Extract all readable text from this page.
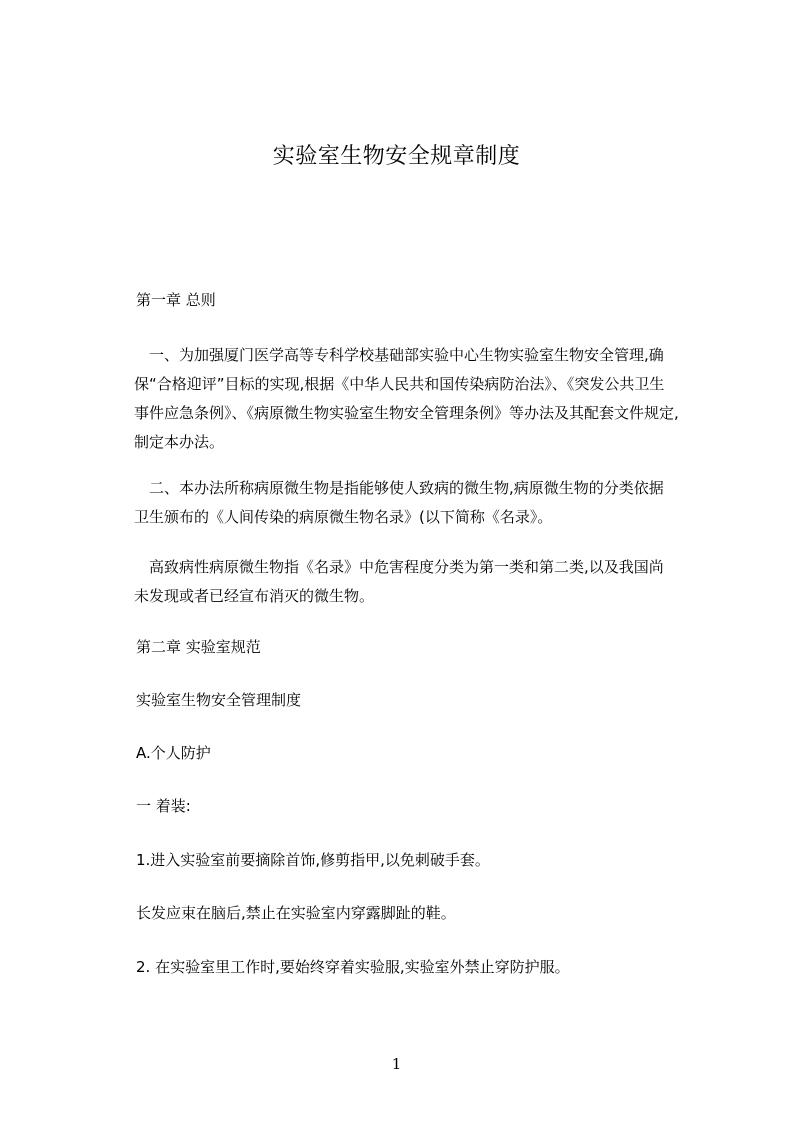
实验室生物安全规章制度
第一章 总则
　一、为加强厦门医学高等专科学校基础部实验中心生物实验室生物安全管理,确
保“合格迎评”目标的实现,根据《中华人民共和国传染病防治法》、《突发公共卫生
事件应急条例》、《病原微生物实验室生物安全管理条例》等办法及其配套文件规定,
制定本办法。
　二、本办法所称病原微生物是指能够使人致病的微生物,病原微生物的分类依据
卫生颁布的《人间传染的病原微生物名录》(以下简称《名录》。
　高致病性病原微生物指《名录》中危害程度分类为第一类和第二类,以及我国尚
未发现或者已经宣布消灭的微生物。
第二章 实验室规范
实验室生物安全管理制度
A.个人防护
一 着装:
1.进入实验室前要摘除首饰,修剪指甲,以免刺破手套。
长发应束在脑后,禁止在实验室内穿露脚趾的鞋。
2. 在实验室里工作时,要始终穿着实验服,实验室外禁止穿防护服。
1
